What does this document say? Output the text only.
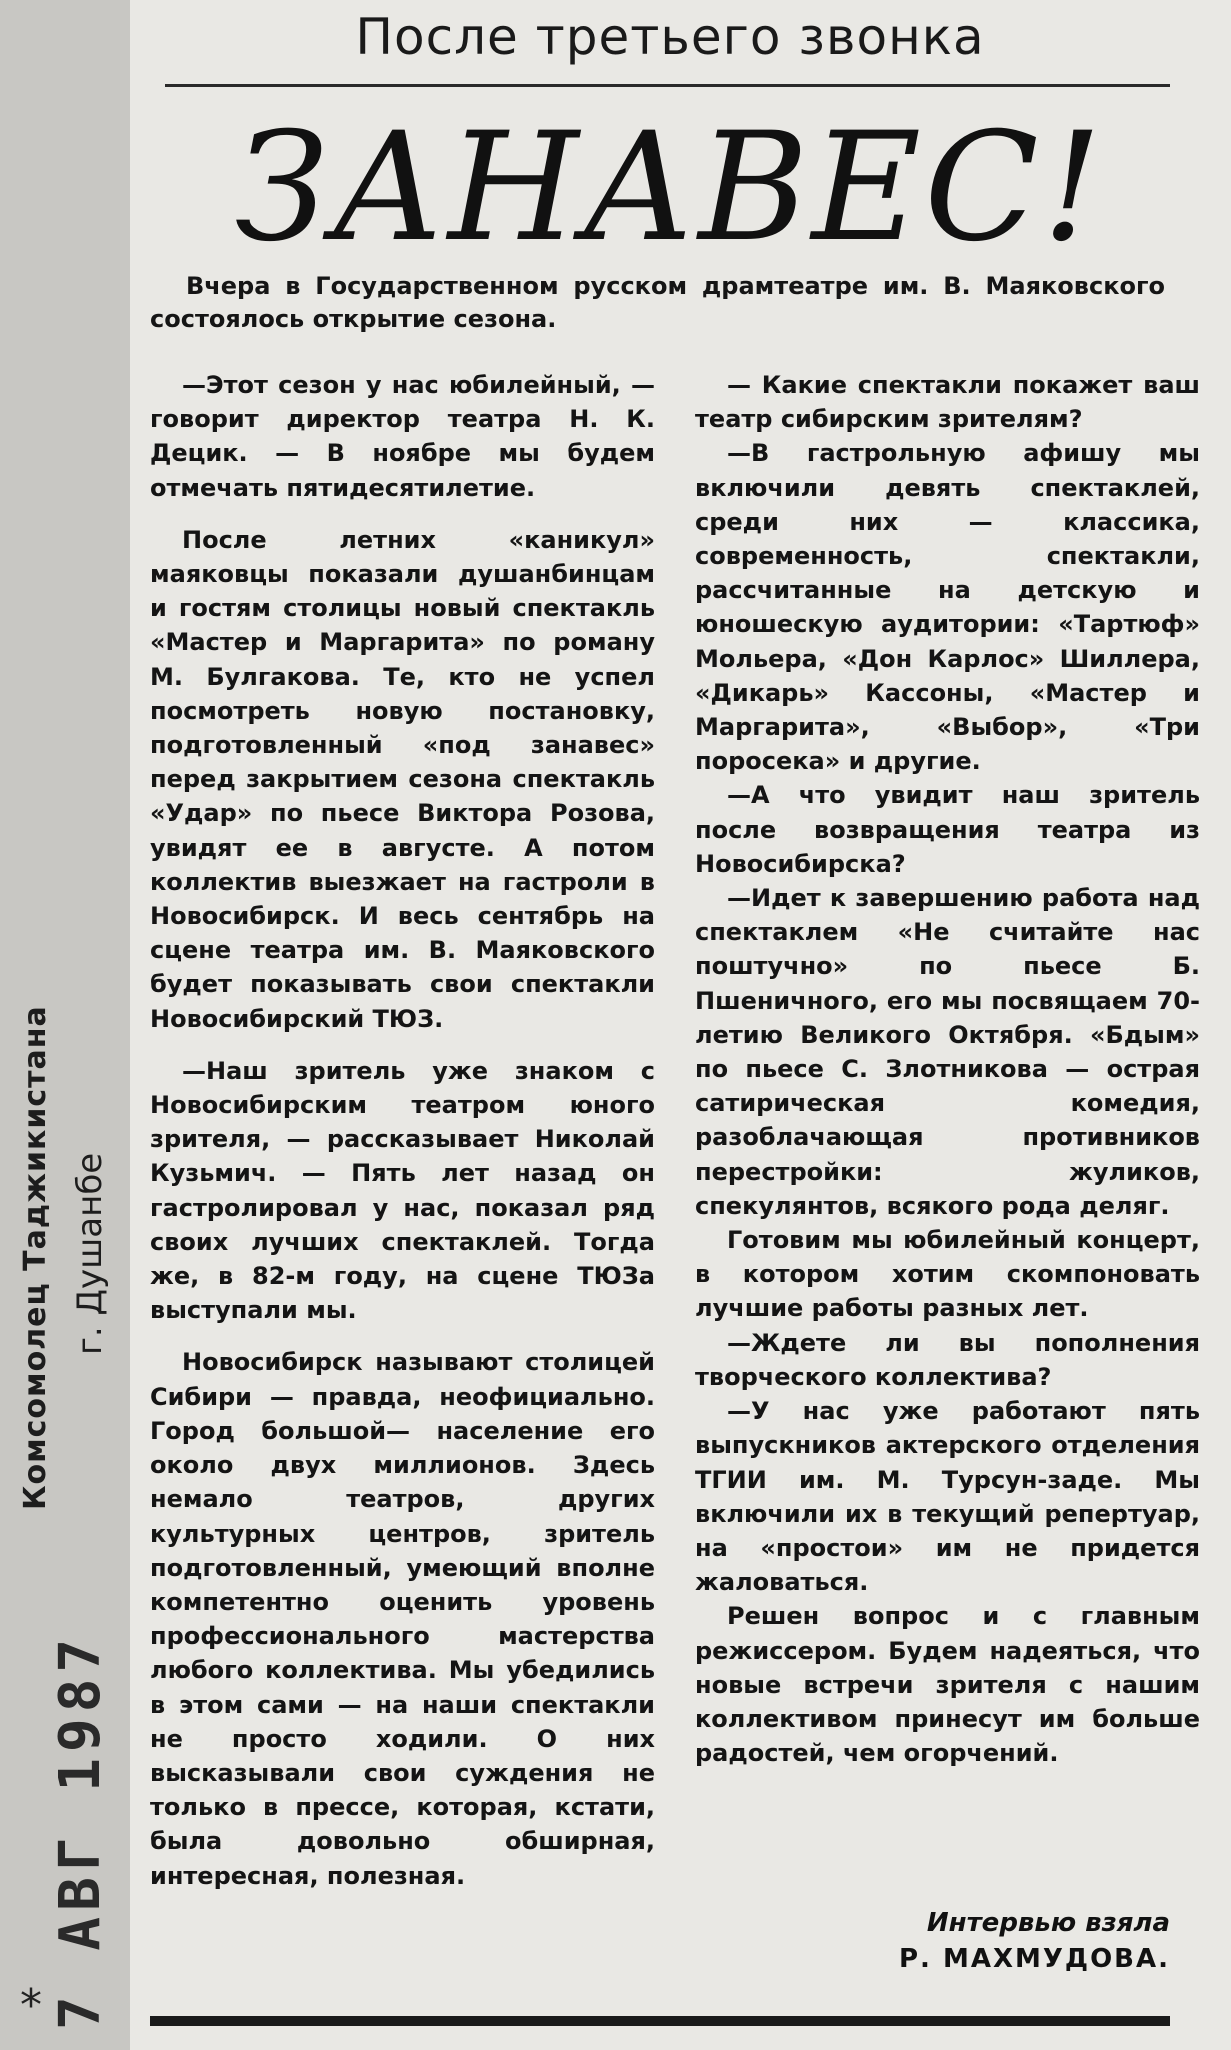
Комсомолец Таджикистана г. Душанбе
7 АВГ 1987
*
После третьего звонка
ЗАНАВЕС!
Вчера в Государственном русском драмтеатре им. В. Маяковского состоялось открытие сезона.

—Этот сезон у нас юбилейный, — говорит директор театра Н. К. Децик. — В ноябре мы будем отмечать пятидесятилетие.

После летних «каникул» маяковцы показали душанбинцам и гостям столицы новый спектакль «Мастер и Маргарита» по роману М. Булгакова. Те, кто не успел посмотреть новую постановку, подготовленный «под занавес» перед закрытием сезона спектакль «Удар» по пьесе Виктора Розова, увидят ее в августе. А потом коллектив выезжает на гастроли в Новосибирск. И весь сентябрь на сцене театра им. В. Маяковского будет показывать свои спектакли Новосибирский ТЮЗ.

—Наш зритель уже знаком с Новосибирским театром юного зрителя, — рассказывает Николай Кузьмич. — Пять лет назад он гастролировал у нас, показал ряд своих лучших спектаклей. Тогда же, в 82-м году, на сцене ТЮЗа выступали мы.

Новосибирск называют столицей Сибири — правда, неофициально. Город большой— население его около двух миллионов. Здесь немало театров, других культурных центров, зритель подготовленный, умеющий вполне компетентно оценить уровень профессионального мастерства любого коллектива. Мы убедились в этом сами — на наши спектакли не просто ходили. О них высказывали свои суждения не только в прессе, которая, кстати, была довольно обширная, интересная, полезная.

— Какие спектакли покажет ваш театр сибирским зрителям?

—В гастрольную афишу мы включили девять спектаклей, среди них — классика, современность, спектакли, рассчитанные на детскую и юношескую аудитории: «Тартюф» Мольера, «Дон Карлос» Шиллера, «Дикарь» Кассоны, «Мастер и Маргарита», «Выбор», «Три поросека» и другие.

—А что увидит наш зритель после возвращения театра из Новосибирска?

—Идет к завершению работа над спектаклем «Не считайте нас поштучно» по пьесе Б. Пшеничного, его мы посвящаем 70-летию Великого Октября. «Бдым» по пьесе С. Злотникова — острая сатирическая комедия, разоблачающая противников перестройки: жуликов, спекулянтов, всякого рода деляг.

Готовим мы юбилейный концерт, в котором хотим скомпоновать лучшие работы разных лет.

—Ждете ли вы пополнения творческого коллектива?

—У нас уже работают пять выпускников актерского отделения ТГИИ им. М. Турсун-заде. Мы включили их в текущий репертуар, на «простои» им не придется жаловаться.

Решен вопрос и с главным режиссером. Будем надеяться, что новые встречи зрителя с нашим коллективом принесут им больше радостей, чем огорчений.

Интервью взяла
Р. МАХМУДОВА.
